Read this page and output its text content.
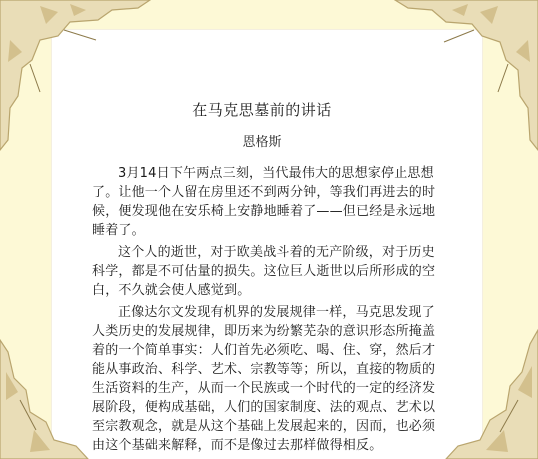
在马克思墓前的讲话
恩格斯

3月14日下午两点三刻，当代最伟大的思想家停止思想了。让他一个人留在房里还不到两分钟，等我们再进去的时候，便发现他在安乐椅上安静地睡着了——但已经是永远地睡着了。

这个人的逝世，对于欧美战斗着的无产阶级，对于历史科学，都是不可估量的损失。这位巨人逝世以后所形成的空白，不久就会使人感觉到。

正像达尔文发现有机界的发展规律一样，马克思发现了人类历史的发展规律，即历来为纷繁芜杂的意识形态所掩盖着的一个简单事实：人们首先必须吃、喝、住、穿，然后才能从事政治、科学、艺术、宗教等等；所以，直接的物质的生活资料的生产，从而一个民族或一个时代的一定的经济发展阶段，便构成基础，人们的国家制度、法的观点、艺术以至宗教观念，就是从这个基础上发展起来的，因而，也必须由这个基础来解释，而不是像过去那样做得相反。
